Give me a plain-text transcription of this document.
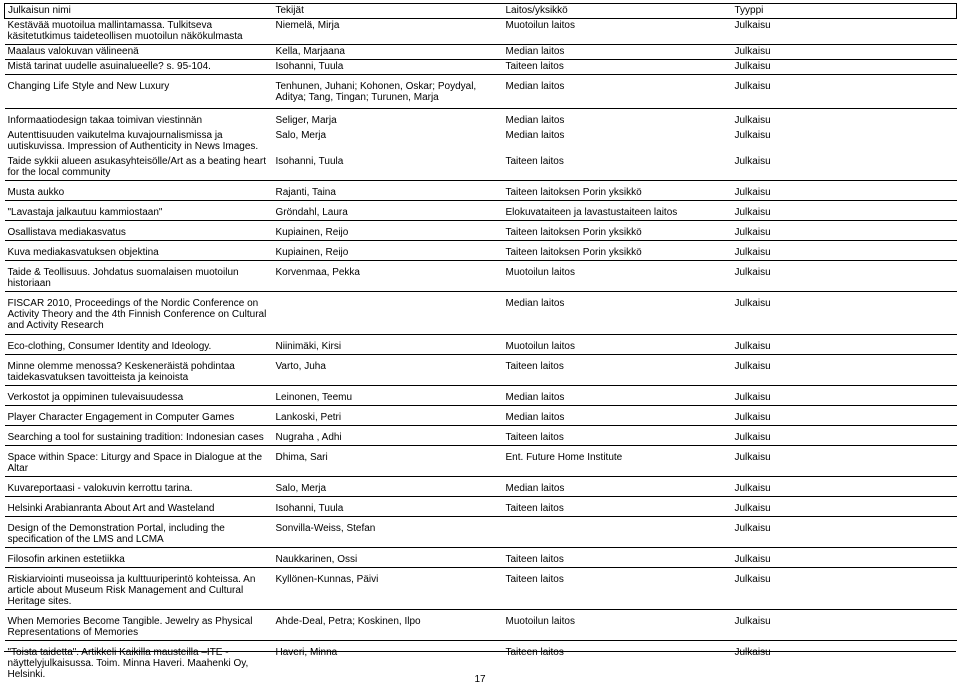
Julkaisun nimi	Tekijät	Laitos/yksikkö	Tyyppi
Kestävää muotoilua mallintamassa. Tulkitseva käsitetutkimus taideteollisen muotoilun näkökulmasta	Niemelä, Mirja	Muotoilun laitos	Julkaisu
Maalaus valokuvan välineenä	Kella, Marjaana	Median laitos	Julkaisu
Mistä tarinat uudelle asuinalueelle? s. 95-104.	Isohanni, Tuula	Taiteen laitos	Julkaisu
Changing Life Style and New Luxury	Tenhunen, Juhani; Kohonen, Oskar; Poydyal, Aditya; Tang, Tingan; Turunen, Marja	Median laitos	Julkaisu
Informaatiodesign takaa toimivan viestinnän	Seliger, Marja	Median laitos	Julkaisu
Autenttisuuden vaikutelma kuvajournalismissa ja uutiskuvissa. Impression of Authenticity in News Images.	Salo, Merja	Median laitos	Julkaisu
Taide sykkii alueen asukasyhteisölle/Art as a beating heart for the local community	Isohanni, Tuula	Taiteen laitos	Julkaisu
Musta aukko	Rajanti, Taina	Taiteen laitoksen Porin yksikkö	Julkaisu
"Lavastaja jalkautuu kammiostaan"	Gröndahl, Laura	Elokuvataiteen ja lavastustaiteen laitos	Julkaisu
Osallistava mediakasvatus	Kupiainen, Reijo	Taiteen laitoksen Porin yksikkö	Julkaisu
Kuva mediakasvatuksen objektina	Kupiainen, Reijo	Taiteen laitoksen Porin yksikkö	Julkaisu
Taide & Teollisuus. Johdatus suomalaisen muotoilun historiaan	Korvenmaa, Pekka	Muotoilun laitos	Julkaisu
FISCAR 2010, Proceedings of the Nordic Conference on Activity Theory and the 4th Finnish Conference on Cultural and Activity Research		Median laitos	Julkaisu
Eco-clothing, Consumer Identity and Ideology.	Niinimäki, Kirsi	Muotoilun laitos	Julkaisu
Minne olemme menossa? Keskeneräistä pohdintaa taidekasvatuksen tavoitteista ja keinoista	Varto, Juha	Taiteen laitos	Julkaisu
Verkostot ja oppiminen tulevaisuudessa	Leinonen, Teemu	Median laitos	Julkaisu
Player Character Engagement in Computer Games	Lankoski, Petri	Median laitos	Julkaisu
Searching a tool for sustaining tradition: Indonesian cases	Nugraha , Adhi	Taiteen laitos	Julkaisu
Space within Space: Liturgy and Space in Dialogue at the Altar	Dhima, Sari	Ent. Future Home Institute	Julkaisu
Kuvareportaasi - valokuvin kerrottu tarina.	Salo, Merja	Median laitos	Julkaisu
Helsinki Arabianranta About Art and Wasteland	Isohanni, Tuula	Taiteen laitos	Julkaisu
Design of the Demonstration Portal, including the specification of the LMS and LCMA	Sonvilla-Weiss, Stefan		Julkaisu
Filosofin arkinen estetiikka	Naukkarinen, Ossi	Taiteen laitos	Julkaisu
Riskiarviointi museoissa ja kulttuuriperintö kohteissa. An article about Museum Risk Management and Cultural Heritage sites.	Kyllönen-Kunnas, Päivi	Taiteen laitos	Julkaisu
When Memories Become Tangible. Jewelry as Physical Representations of Memories	Ahde-Deal, Petra; Koskinen, Ilpo	Muotoilun laitos	Julkaisu
"Toista taidetta". Artikkeli Kaikilla mausteilla –ITE - näyttelyjulkaisussa. Toim. Minna Haveri. Maahenki Oy, Helsinki.	Haveri, Minna	Taiteen laitos	Julkaisu
17
